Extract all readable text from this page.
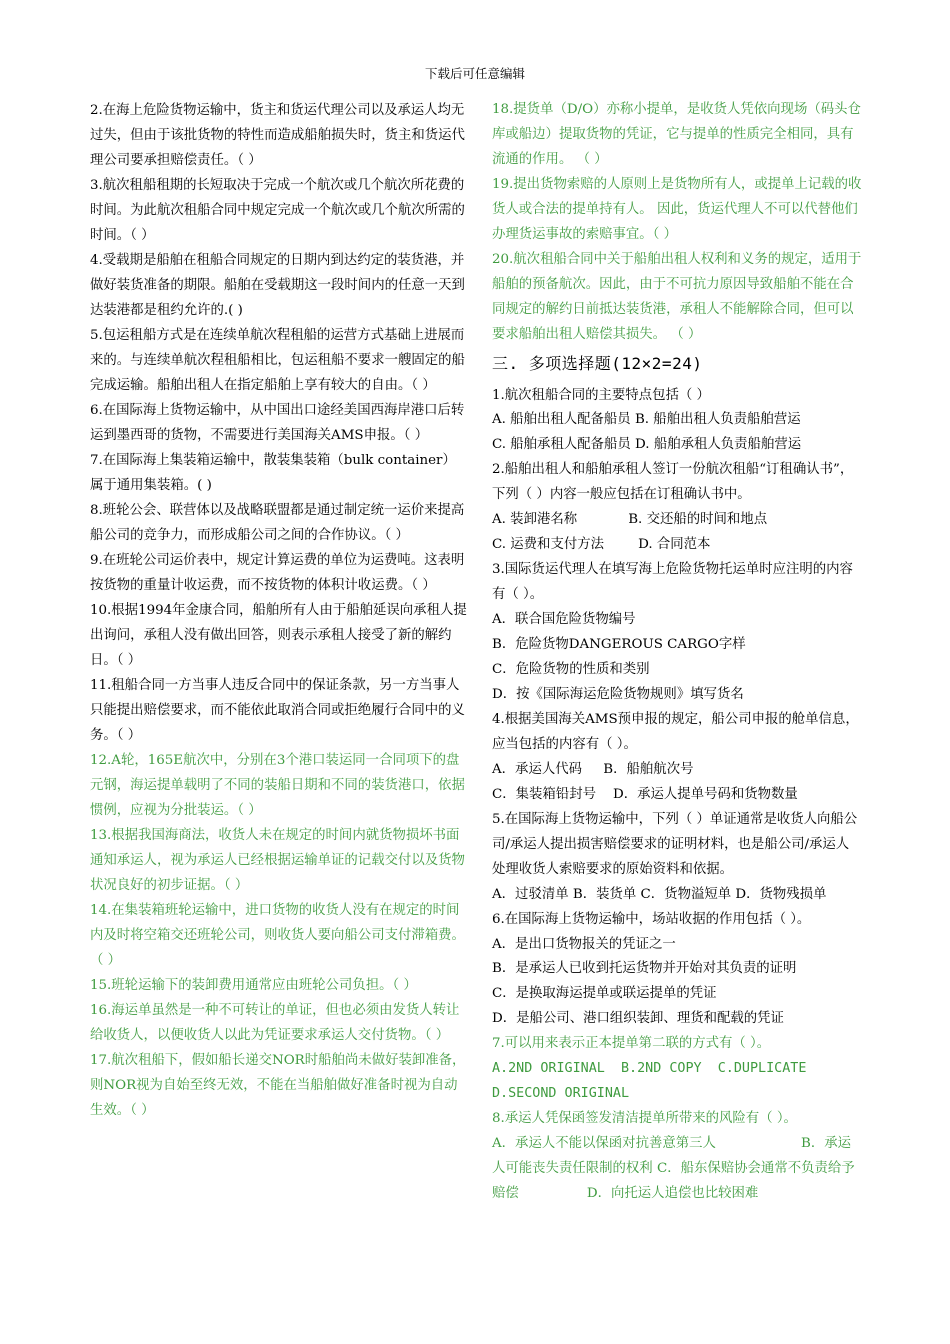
下载后可任意编辑

2.在海上危险货物运输中，货主和货运代理公司以及承运人均无过失，但由于该批货物的特性而造成船舶损失时，货主和货运代理公司要承担赔偿责任。（ ）

3.航次租船租期的长短取决于完成一个航次或几个航次所花费的时间。为此航次租船合同中规定完成一个航次或几个航次所需的时间。（ ）

4.受载期是船舶在租船合同规定的日期内到达约定的装货港，并做好装货准备的期限。船舶在受载期这一段时间内的任意一天到达装港都是租约允许的.( )

5.包运租船方式是在连续单航次程租船的运营方式基础上进展而来的。与连续单航次程租船相比，包运租船不要求一艘固定的船完成运输。船舶出租人在指定船舶上享有较大的自由。（ ）

6.在国际海上货物运输中，从中国出口途经美国西海岸港口后转运到墨西哥的货物，不需要进行美国海关AMS申报。（ ）

7.在国际海上集装箱运输中，散装集装箱（bulk container）属于通用集装箱。( )

8.班轮公会、联营体以及战略联盟都是通过制定统一运价来提高船公司的竞争力，而形成船公司之间的合作协议。（ ）

9.在班轮公司运价表中，规定计算运费的单位为运费吨。这表明按货物的重量计收运费，而不按货物的体积计收运费。（ ）

10.根据1994年金康合同，船舶所有人由于船舶延误向承租人提出询问，承租人没有做出回答，则表示承租人接受了新的解约日。（ ）

11.租船合同一方当事人违反合同中的保证条款，另一方当事人只能提出赔偿要求，而不能依此取消合同或拒绝履行合同中的义务。（ ）

12.A轮，165E航次中，分别在3个港口装运同一合同项下的盘元钢，海运提单载明了不同的装船日期和不同的装货港口，依据惯例，应视为分批装运。（ ）

13.根据我国海商法，收货人未在规定的时间内就货物损坏书面通知承运人，视为承运人已经根据运输单证的记载交付以及货物状况良好的初步证据。（ ）

14.在集装箱班轮运输中，进口货物的收货人没有在规定的时间内及时将空箱交还班轮公司，则收货人要向船公司支付滞箱费。（ ）

15.班轮运输下的装卸费用通常应由班轮公司负担。（ ）

16.海运单虽然是一种不可转让的单证，但也必须由发货人转让给收货人，以便收货人以此为凭证要求承运人交付货物。（ ）

17.航次租船下，假如船长递交NOR时船舶尚未做好装卸准备，则NOR视为自始至终无效，不能在当船舶做好准备时视为自动生效。（ ）

18.提货单（D/O）亦称小提单，是收货人凭依向现场（码头仓库或船边）提取货物的凭证，它与提单的性质完全相同，具有流通的作用。 （ ）

19.提出货物索赔的人原则上是货物所有人，或提单上记载的收货人或合法的提单持有人。 因此，货运代理人不可以代替他们办理货运事故的索赔事宜。（ ）

20.航次租船合同中关于船舶出租人权利和义务的规定，适用于船舶的预备航次。因此，由于不可抗力原因导致船舶不能在合同规定的解约日前抵达装货港，承租人不能解除合同，但可以要求船舶出租人赔偿其损失。 （ ）

三. 多项选择题(12×2=24)

1.航次租船合同的主要特点包括（ ）

A. 船舶出租人配备船员 B. 船舶出租人负责船舶营运

C. 船舶承租人配备船员 D. 船舶承租人负责船舶营运

2.船舶出租人和船舶承租人签订一份航次租船“订租确认书”，下列（ ）内容一般应包括在订租确认书中。

A. 装卸港名称            B. 交还船的时间和地点

C. 运费和支付方法        D. 合同范本

3.国际货运代理人在填写海上危险货物托运单时应注明的内容有（ ）。

A．联合国危险货物编号

B．危险货物DANGEROUS CARGO字样

C．危险货物的性质和类别

D．按《国际海运危险货物规则》填写货名

4.根据美国海关AMS预申报的规定，船公司申报的舱单信息，应当包括的内容有（ ）。

A．承运人代码     B．船舶航次号

C．集装箱铅封号    D．承运人提单号码和货物数量

5.在国际海上货物运输中，下列（ ）单证通常是收货人向船公司/承运人提出损害赔偿要求的证明材料，也是船公司/承运人处理收货人索赔要求的原始资料和依据。

A．过驳清单 B．装货单 C．货物溢短单 D．货物残损单

6.在国际海上货物运输中，场站收据的作用包括（ ）。

A．是出口货物报关的凭证之一

B．是承运人已收到托运货物并开始对其负责的证明

C．是换取海运提单或联运提单的凭证

D．是船公司、港口组织装卸、理货和配载的凭证

7.可以用来表示正本提单第二联的方式有（ ）。

A.2ND ORIGINAL  B.2ND COPY  C.DUPLICATE    D.SECOND ORIGINAL

8.承运人凭保函签发清洁提单所带来的风险有（ ）。

A．承运人不能以保函对抗善意第三人                    B．承运人可能丧失责任限制的权利 C．船东保赔协会通常不负责给予赔偿                D．向托运人追偿也比较困难
